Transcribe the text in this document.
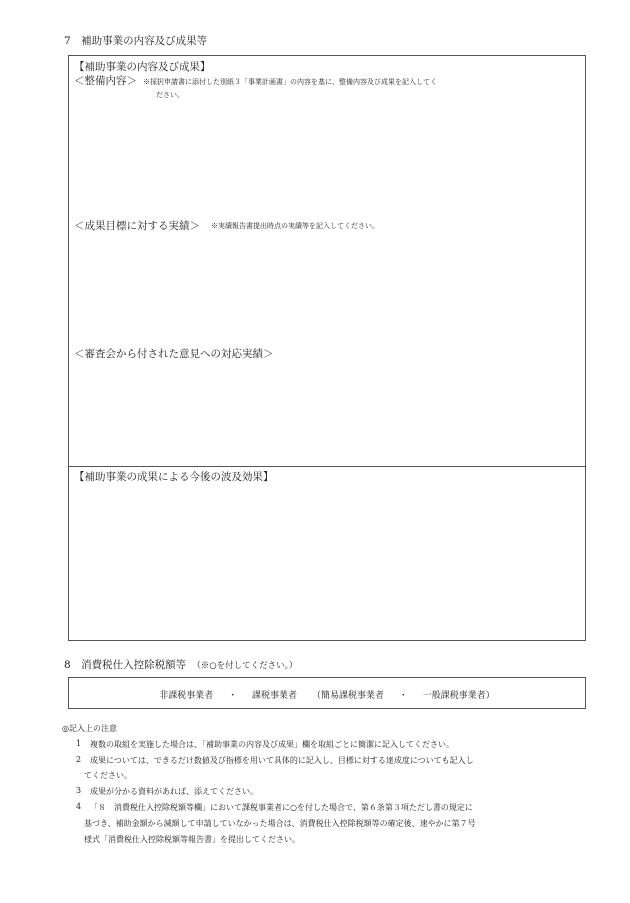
7　補助事業の内容及び成果等
【補助事業の内容及び成果】
＜整備内容＞ ※採択申請書に添付した別紙３「事業計画書」の内容を基に、整備内容及び成果を記入してく
ださい。
＜成果目標に対する実績＞ ※実績報告書提出時点の実績等を記入してください。
＜審査会から付された意見への対応実績＞
【補助事業の成果による今後の波及効果】
8　消費税仕入控除税額等 （※○を付してください。）
非課税事業者 ・ 課税事業者 （簡易課税事業者 ・ 一般課税事業者）
◎記入上の注意
1 複数の取組を実施した場合は、「補助事業の内容及び成果」欄を取組ごとに簡潔に記入してください。
2 成果については、できるだけ数値及び指標を用いて具体的に記入し、目標に対する達成度についても記入し
てください。
3 成果が分かる資料があれば、添えてください。
4 「８　消費税仕入控除税額等欄」において課税事業者に○を付した場合で、第６条第３項ただし書の規定に
基づき、補助金額から減額して申請していなかった場合は、消費税仕入控除税額等の確定後、速やかに第７号
様式「消費税仕入控除税額等報告書」を提出してください。
